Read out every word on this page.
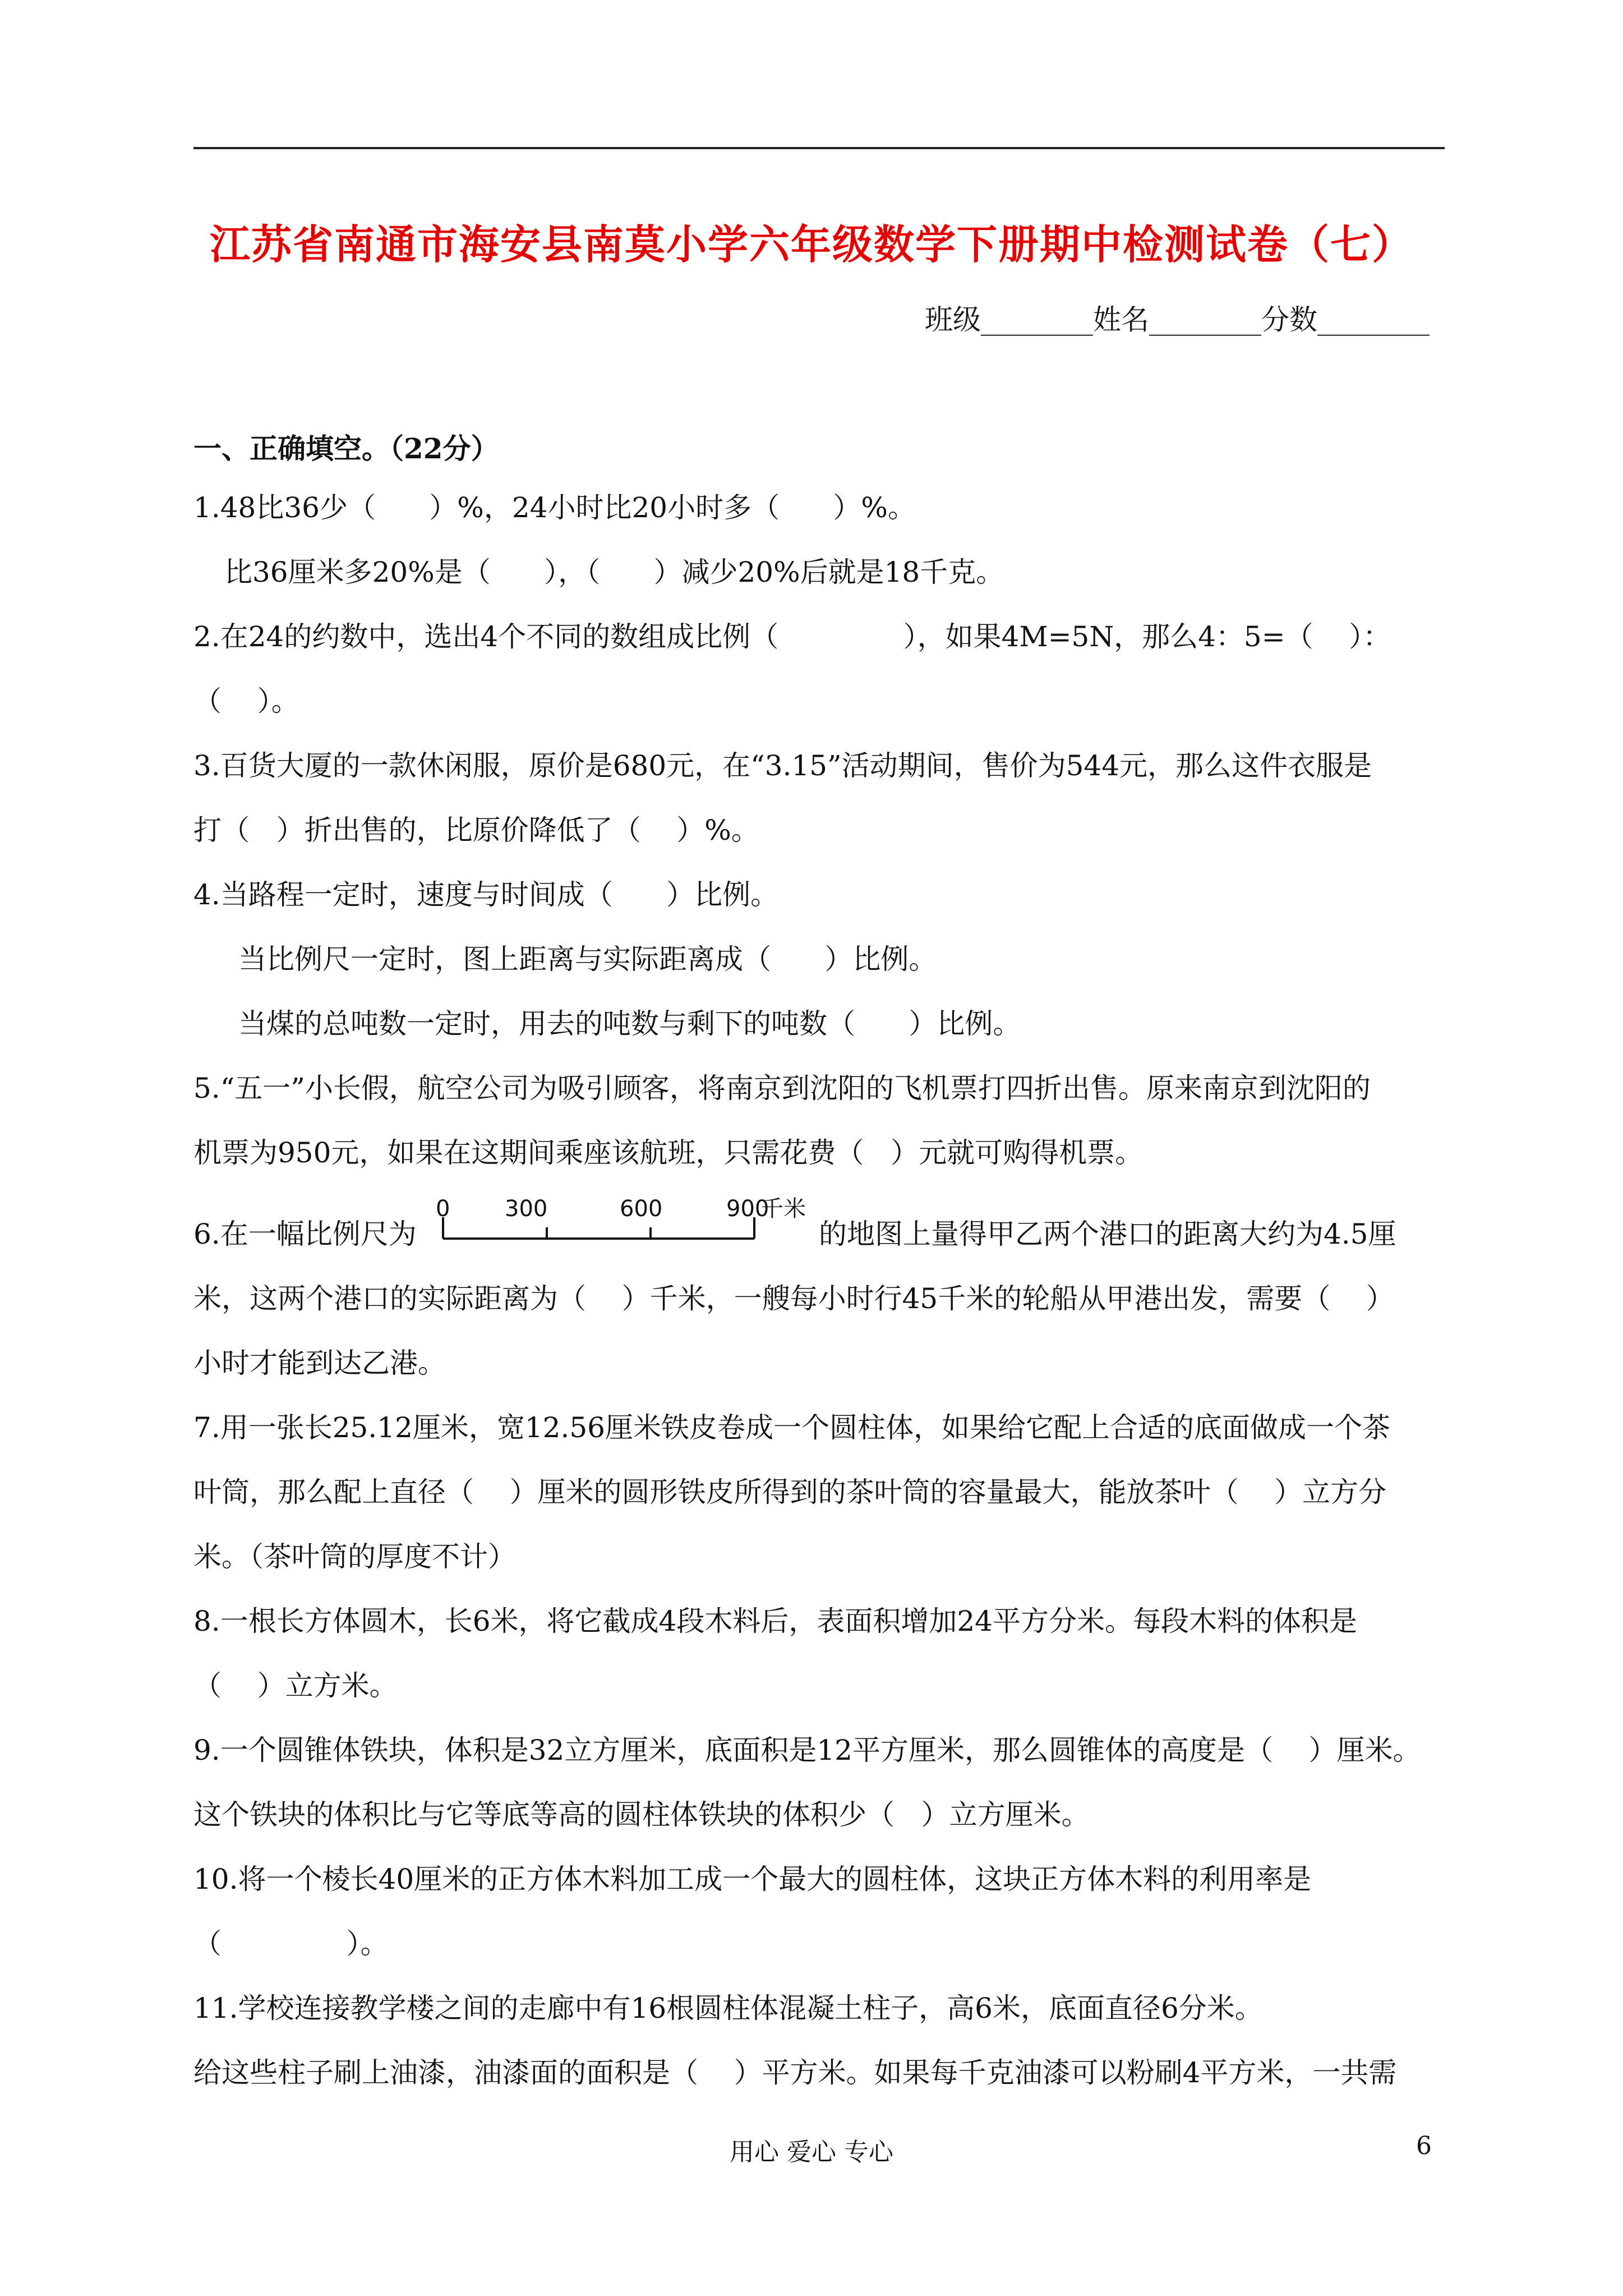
江苏省南通市海安县南莫小学六年级数学下册期中检测试卷（七）
班级________姓名________分数________
一、正确填空。（22分）
1.48比36少（      ）%，24小时比20小时多（      ）%。
比36厘米多20%是（      ），（      ）减少20%后就是18千克。
2.在24的约数中，选出4个不同的数组成比例（              ），如果4M=5N，那么4：5=（    ）：
（    ）。
3.百货大厦的一款休闲服，原价是680元，在“3.15”活动期间，售价为544元，那么这件衣服是
打（   ）折出售的，比原价降低了（    ）%。
4.当路程一定时，速度与时间成（      ）比例。
当比例尺一定时，图上距离与实际距离成（      ）比例。
当煤的总吨数一定时，用去的吨数与剩下的吨数（      ）比例。
5.“五一”小长假，航空公司为吸引顾客，将南京到沈阳的飞机票打四折出售。原来南京到沈阳的
机票为950元，如果在这期间乘座该航班，只需花费（   ）元就可购得机票。
6.在一幅比例尺为
0 300	600	900
千米
的地图上量得甲乙两个港口的距离大约为4.5厘
米，这两个港口的实际距离为（    ）千米，一艘每小时行45千米的轮船从甲港出发，需要（    ）
小时才能到达乙港。
7.用一张长25.12厘米，宽12.56厘米铁皮卷成一个圆柱体，如果给它配上合适的底面做成一个茶
叶筒，那么配上直径（    ）厘米的圆形铁皮所得到的茶叶筒的容量最大，能放茶叶（    ）立方分
米。（茶叶筒的厚度不计）
8.一根长方体圆木，长6米，将它截成4段木料后，表面积增加24平方分米。每段木料的体积是
（    ）立方米。
9.一个圆锥体铁块，体积是32立方厘米，底面积是12平方厘米，那么圆锥体的高度是（    ）厘米。
这个铁块的体积比与它等底等高的圆柱体铁块的体积少（   ）立方厘米。
10.将一个棱长40厘米的正方体木料加工成一个最大的圆柱体，这块正方体木料的利用率是
（              ）。
11.学校连接教学楼之间的走廊中有16根圆柱体混凝土柱子，高6米，底面直径6分米。
给这些柱子刷上油漆，油漆面的面积是（    ）平方米。如果每千克油漆可以粉刷4平方米，一共需
用心 爱心 专心	6
